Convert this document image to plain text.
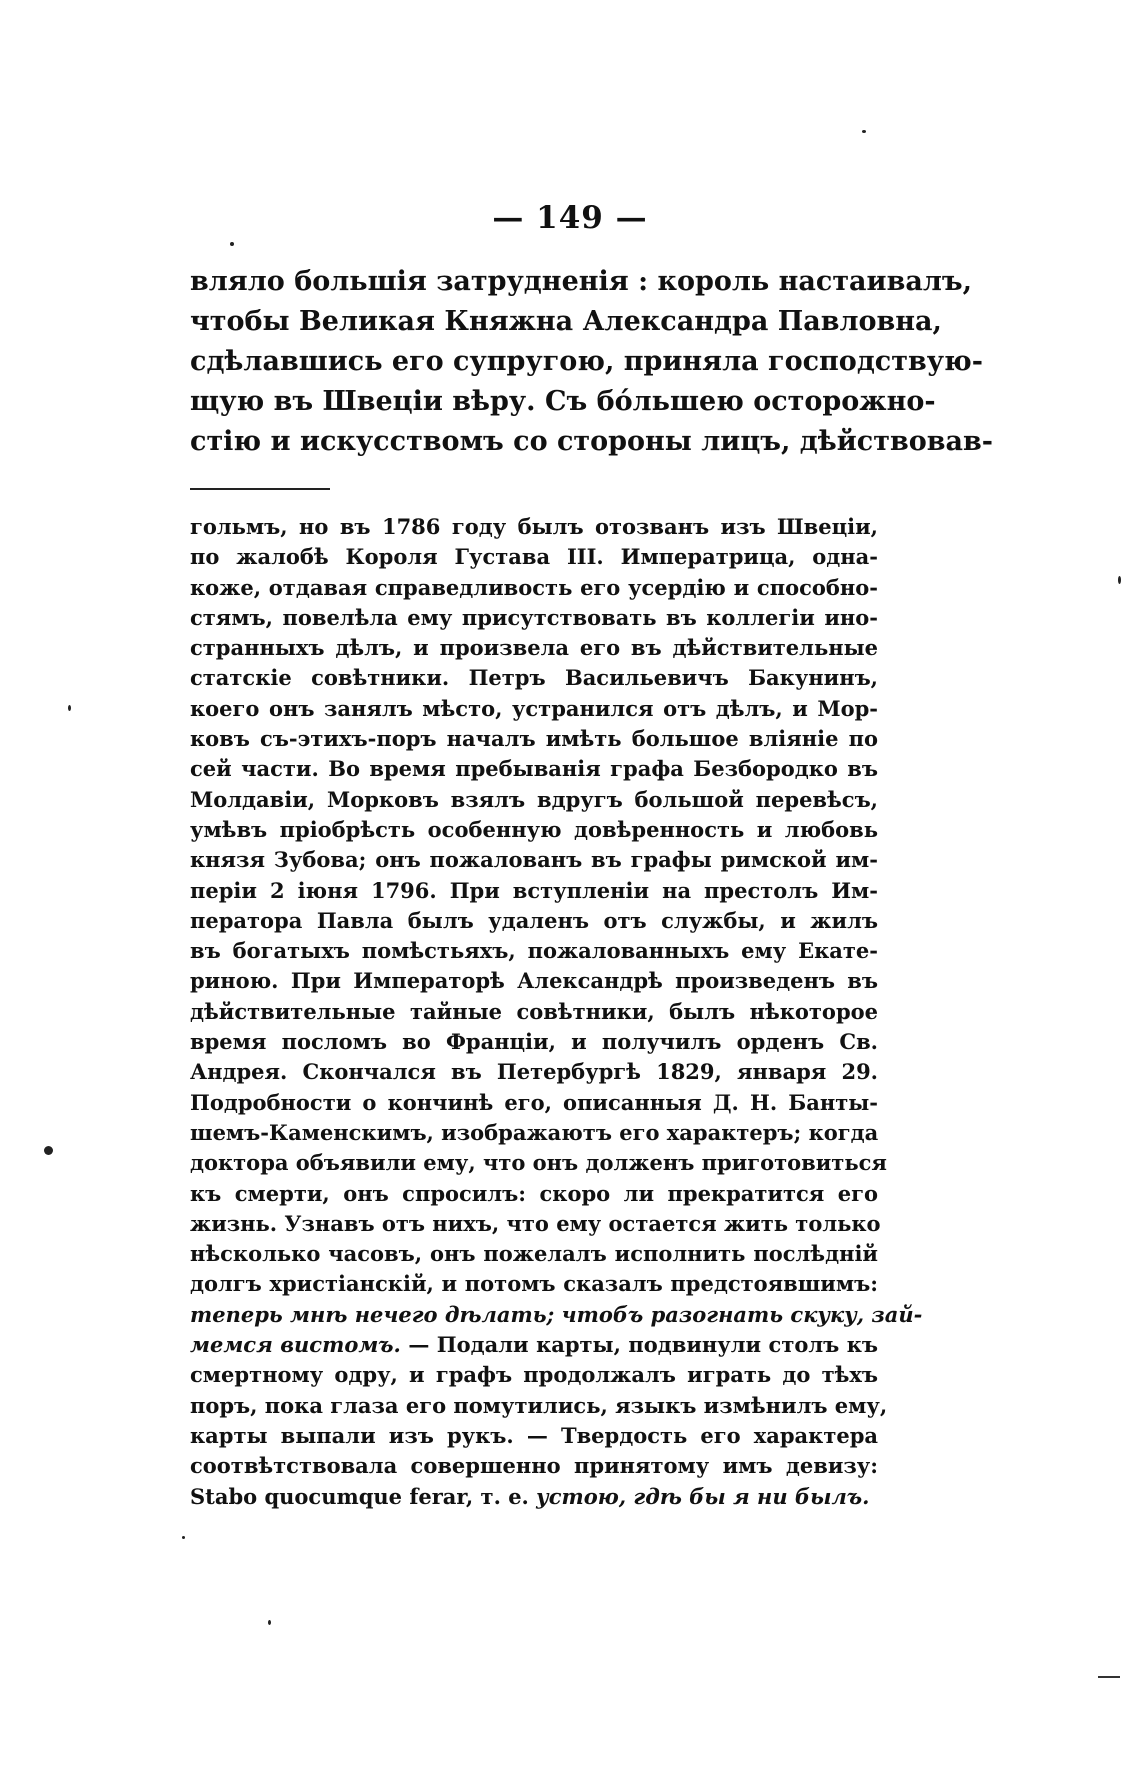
— 149 —
вляло большія затрудненія : король настаивалъ,
чтобы Великая Княжна Александра Павловна,
сдѣлавшись его супругою, приняла господствую-
щую въ Швеціи вѣру. Съ бóльшею осторожно-
стію и искусствомъ со стороны лицъ, дѣйствовав-
гольмъ, но въ 1786 году былъ отозванъ изъ Швеціи,
по жалобѣ Короля Густава III. Императрица, одна-
коже, отдавая справедливость его усердію и способно-
стямъ, повелѣла ему присутствовать въ коллегіи ино-
странныхъ дѣлъ, и произвела его въ дѣйствительные
статскіе совѣтники. Петръ Васильевичъ Бакунинъ,
коего онъ занялъ мѣсто, устранился отъ дѣлъ, и Мор-
ковъ съ-этихъ-поръ началъ имѣть большое вліяніе по
сей части. Во время пребыванія графа Безбородко въ
Молдавіи, Морковъ взялъ вдругъ большой перевѣсъ,
умѣвъ пріобрѣсть особенную довѣренность и любовь
князя Зубова; онъ пожалованъ въ графы римской им-
періи 2 іюня 1796. При вступленіи на престолъ Им-
ператора Павла былъ удаленъ отъ службы, и жилъ
въ богатыхъ помѣстьяхъ, пожалованныхъ ему Екате-
риною. При Императорѣ Александрѣ произведенъ въ
дѣйствительные тайные совѣтники, былъ нѣкоторое
время посломъ во Франціи, и получилъ орденъ Св.
Андрея. Скончался въ Петербургѣ 1829, января 29.
Подробности о кончинѣ его, описанныя Д. Н. Банты-
шемъ-Каменскимъ, изображаютъ его характеръ; когда
доктора объявили ему, что онъ долженъ приготовиться
къ смерти, онъ спросилъ: скоро ли прекратится его
жизнь. Узнавъ отъ нихъ, что ему остается жить только
нѣсколько часовъ, онъ пожелалъ исполнить послѣдній
долгъ христіанскій, и потомъ сказалъ предстоявшимъ:
теперь мнѣ нечего дѣлать; чтобъ разогнать скуку, зай-
мемся вистомъ. — Подали карты, подвинули столъ къ
смертному одру, и графъ продолжалъ играть до тѣхъ
поръ, пока глаза его помутились, языкъ измѣнилъ ему,
карты выпали изъ рукъ. — Твердость его характера
соотвѣтствовала совершенно принятому имъ девизу:
Stabo quocumque ferar, т. е. устою, гдѣ бы я ни былъ.
